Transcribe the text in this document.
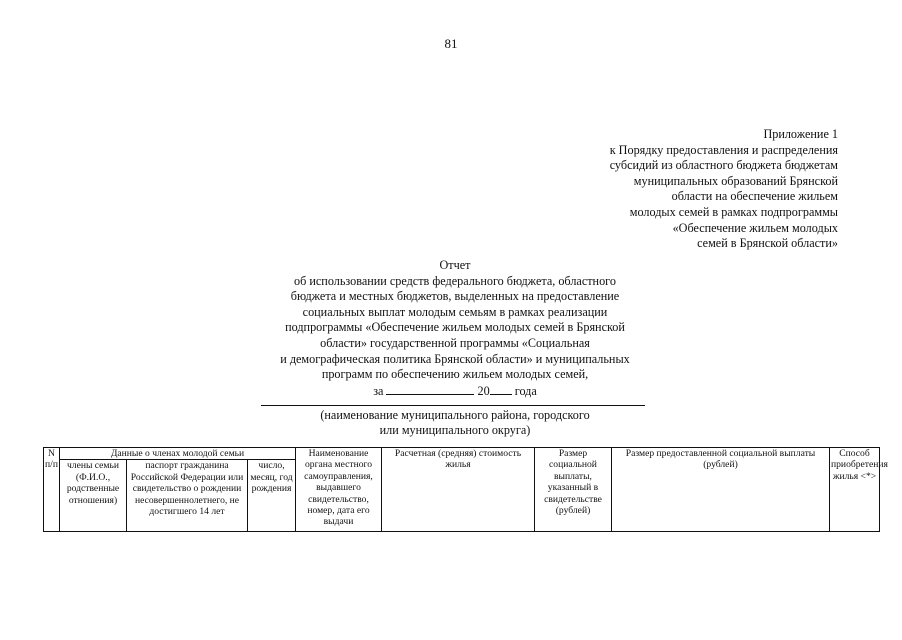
81
Приложение 1
к Порядку предоставления и распределения
субсидий из областного бюджета бюджетам
муниципальных образований Брянской
области на обеспечение жильем
молодых семей в рамках подпрограммы
«Обеспечение жильем молодых
семей в Брянской области»
Отчет
об использовании средств федерального бюджета, областного
бюджета и местных бюджетов, выделенных на предоставление
социальных выплат молодым семьям в рамках реализации
подпрограммы «Обеспечение жильем молодых семей в Брянской
области» государственной программы «Социальная
и демографическая политика Брянской области» и муниципальных
программ по обеспечению жильем молодых семей,
за	20 года
(наименование муниципального района, городского
или муниципального округа)
N п/п	Данные о членах молодой семьи			Наименование органа местного самоуправления, выдавшего свидетельство, номер, дата его выдачи	Расчетная (средняя) стоимость жилья	Размер социальной выплаты, указанный в свидетельстве (рублей)	Размер предоставленной социальной выплаты (рублей)	Способ приобретения жилья <*>
	члены семьи (Ф.И.О., родственные отношения)	паспорт гражданина Российской Федерации или свидетельство о рождении несовершеннолетнего, не достигшего 14 лет	число, месяц, год рождения					
